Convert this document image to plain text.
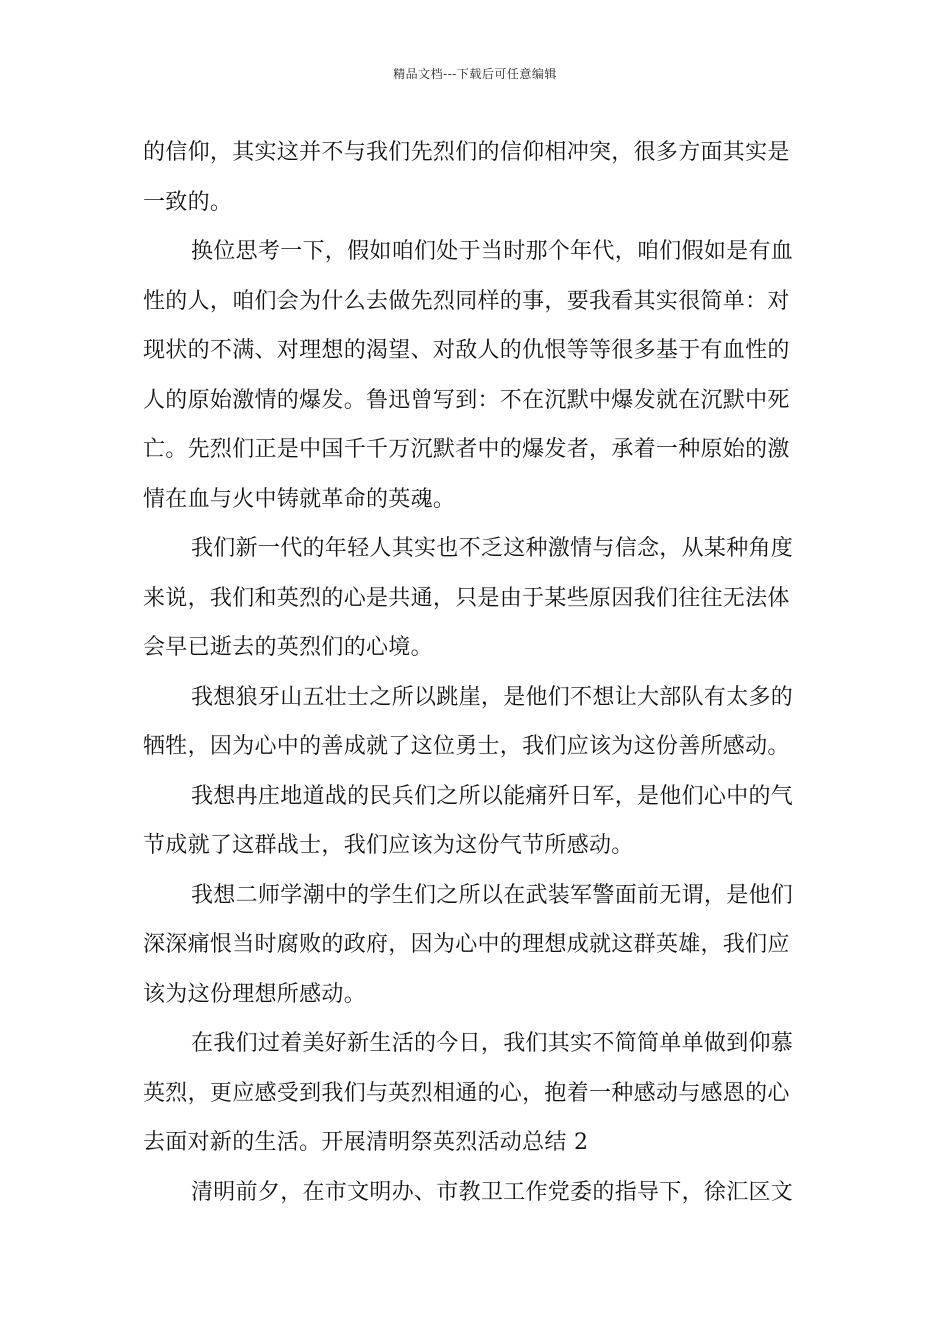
精品文档---下载后可任意编辑
的信仰，其实这并不与我们先烈们的信仰相冲突，很多方面其实是
一致的。
换位思考一下，假如咱们处于当时那个年代，咱们假如是有血
性的人，咱们会为什么去做先烈同样的事，要我看其实很简单：对
现状的不满、对理想的渴望、对敌人的仇恨等等很多基于有血性的
人的原始激情的爆发。鲁迅曾写到：不在沉默中爆发就在沉默中死
亡。先烈们正是中国千千万沉默者中的爆发者，承着一种原始的激
情在血与火中铸就革命的英魂。
我们新一代的年轻人其实也不乏这种激情与信念，从某种角度
来说，我们和英烈的心是共通，只是由于某些原因我们往往无法体
会早已逝去的英烈们的心境。
我想狼牙山五壮士之所以跳崖，是他们不想让大部队有太多的
牺牲，因为心中的善成就了这位勇士，我们应该为这份善所感动。
我想冉庄地道战的民兵们之所以能痛歼日军，是他们心中的气
节成就了这群战士，我们应该为这份气节所感动。
我想二师学潮中的学生们之所以在武装军警面前无谓，是他们
深深痛恨当时腐败的政府，因为心中的理想成就这群英雄，我们应
该为这份理想所感动。
在我们过着美好新生活的今日，我们其实不简简单单做到仰慕
英烈，更应感受到我们与英烈相通的心，抱着一种感动与感恩的心
去面对新的生活。开展清明祭英烈活动总结 2
清明前夕，在市文明办、市教卫工作党委的指导下，徐汇区文
